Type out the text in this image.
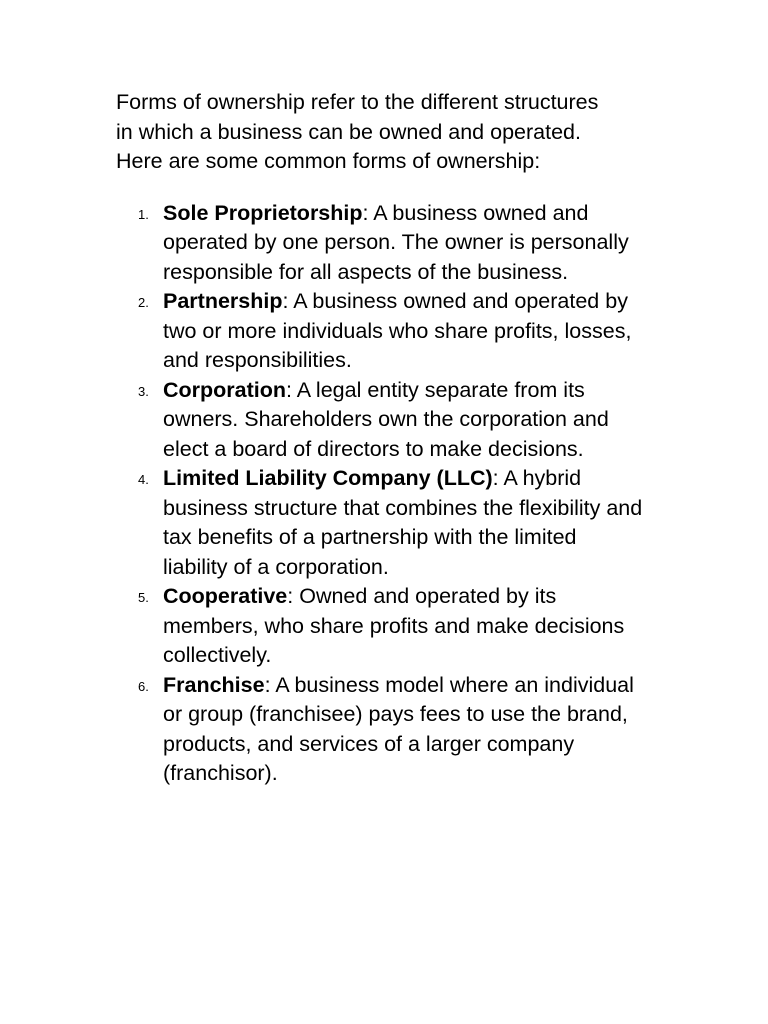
Forms of ownership refer to the different structures in which a business can be owned and operated. Here are some common forms of ownership:

1. Sole Proprietorship: A business owned and operated by one person. The owner is personally responsible for all aspects of the business.
2. Partnership: A business owned and operated by two or more individuals who share profits, losses, and responsibilities.
3. Corporation: A legal entity separate from its owners. Shareholders own the corporation and elect a board of directors to make decisions.
4. Limited Liability Company (LLC): A hybrid business structure that combines the flexibility and tax benefits of a partnership with the limited liability of a corporation.
5. Cooperative: Owned and operated by its members, who share profits and make decisions collectively.
6. Franchise: A business model where an individual or group (franchisee) pays fees to use the brand, products, and services of a larger company (franchisor).
